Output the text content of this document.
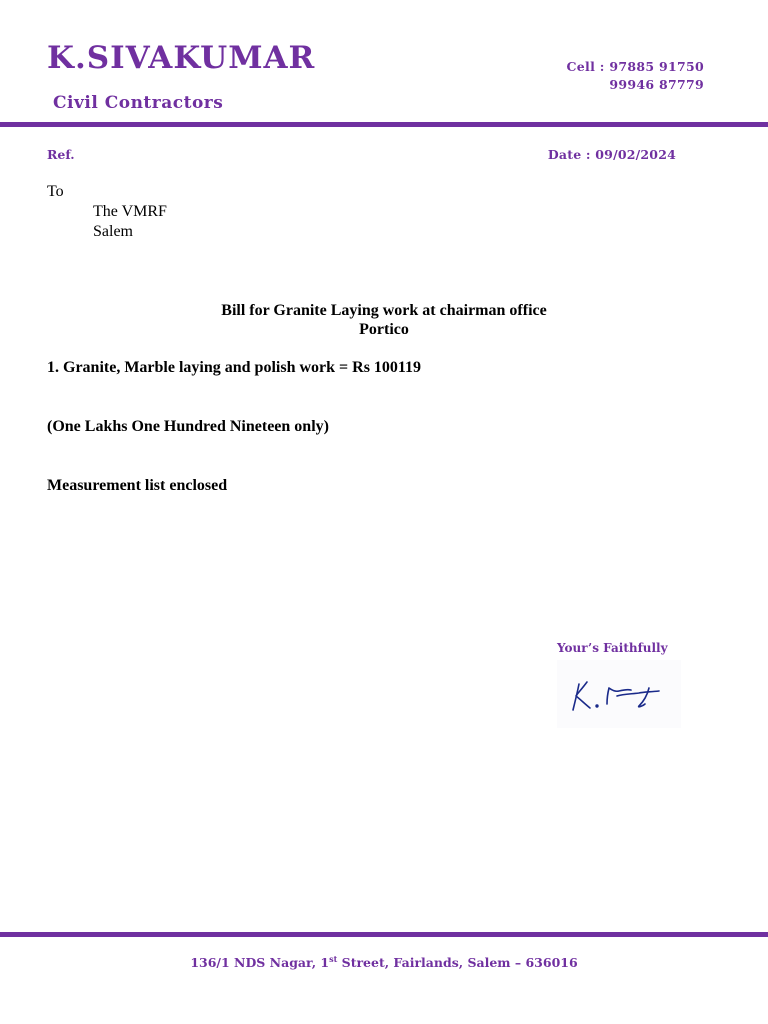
K.SIVAKUMAR
Civil Contractors
Cell : 97885 91750
99946 87779
Ref.	Date : 09/02/2024
To
The VMRF
Salem
Bill for Granite Laying work at chairman office
Portico
1. Granite, Marble laying and polish work = Rs 100119
(One Lakhs One Hundred Nineteen only)
Measurement list enclosed
Your’s Faithfully
136/1 NDS Nagar, 1st Street, Fairlands, Salem – 636016
